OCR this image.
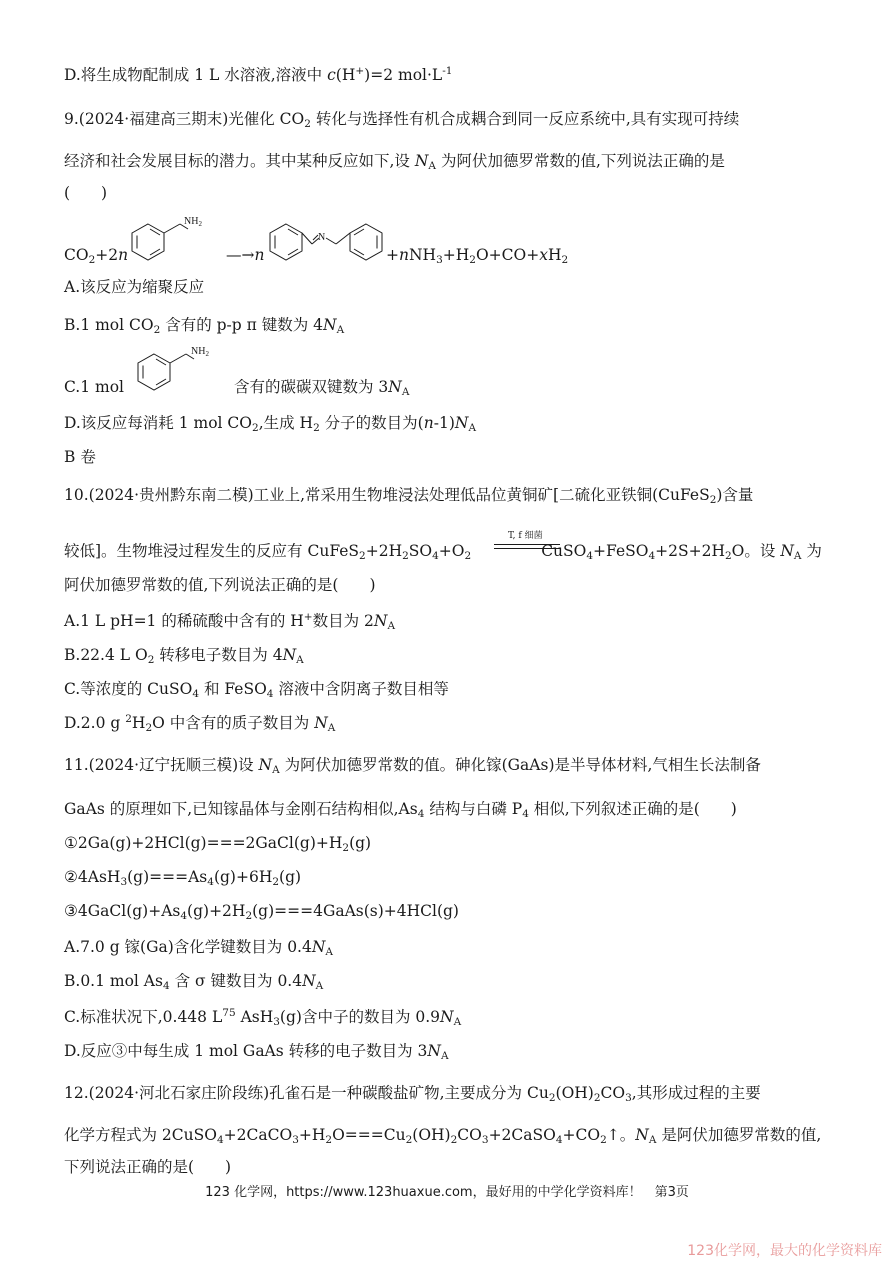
D.将生成物配制成 1 L 水溶液,溶液中 c(H+)=2 $mol\cdot L^{-1}$
9.(2024·福建高三期末)光催化 $CO_2$ 转化与选择性有机合成耦合到同一反应系统中,具有实现可持续
经济和社会发展目标的潜力。其中某种反应如下,设 $N_A$ 为阿伏加德罗常数的值,下列说法正确的是
(　　)
$CO_2+2n$
$NH_2$
—→n
N
$+nNH_3+H_2O+CO+xH_2$
A.该反应为缩聚反应
B.1 mol $CO_2$ 含有的 p-p π 键数为 $4N_A$
C.1 mol
$NH_2$
含有的碳碳双键数为 $3N_A$
D.该反应每消耗 1 mol $CO_2$,生成 $H_2$ 分子的数目为$(n-1)N_A$
B 卷
10.(2024·贵州黔东南二模)工业上,常采用生物堆浸法处理低品位黄铜矿[二硫化亚铁铜(CuFeS$_2$)含量
较低]。生物堆浸过程发生的反应有 $CuFeS_2+2H_2SO_4+O_2$	$CuSO_4+FeSO_4+2S+2H_2O$。设 $N_A$ 为
T, f 细菌
阿伏加德罗常数的值,下列说法正确的是(　　)
A.1 L pH=1 的稀硫酸中含有的 H+数目为 $2N_A$
B.22.4 L $O_2$ 转移电子数目为 $4N_A$
C.等浓度的 CuSO$_4$ 和 FeSO$_4$ 溶液中含阴离子数目相等
D.2.0 g $^2H_2O$ 中含有的质子数目为 $N_A$
11.(2024·辽宁抚顺三模)设 $N_A$ 为阿伏加德罗常数的值。砷化镓(GaAs)是半导体材料,气相生长法制备
GaAs 的原理如下,已知镓晶体与金刚石结构相似$,As_4$ 结构与白磷 $P_4$ 相似,下列叙述正确的是(　　)
$①2Ga(g)+2HCl(g)===2GaCl(g)+H_2(g)$
$②4AsH_3(g)===As_4(g)+6H_2(g)$
$③4GaCl(g)+As_4(g)+2H_2(g)===4GaAs(s)+4HCl(g)$
A.7.0 g 镓(Ga)含化学键数目为 $0.4N_A$
B.0.1 mol $As_4$ 含 σ 键数目为 $0.4N_A$
C.标准状况下,0.448 $L^{75}$ AsH$_3$(g)含中子的数目为 $0.9N_A$
D.反应③中每生成 1 mol GaAs 转移的电子数目为 $3N_A$
12.(2024·河北石家庄阶段练)孔雀石是一种碳酸盐矿物,主要成分为 $Cu_2(OH)_2CO_3$,其形成过程的主要
化学方程式为 $2CuSO_4+2CaCO_3+H_2O===Cu_2(OH)_2CO_3+2CaSO_4+CO_2↑$。$N_A$ 是阿伏加德罗常数的值,
下列说法正确的是(　　)
123 化学网，https://www.123huaxue.com，最好用的中学化学资料库！　第3页
123化学网，最大的化学资料库
